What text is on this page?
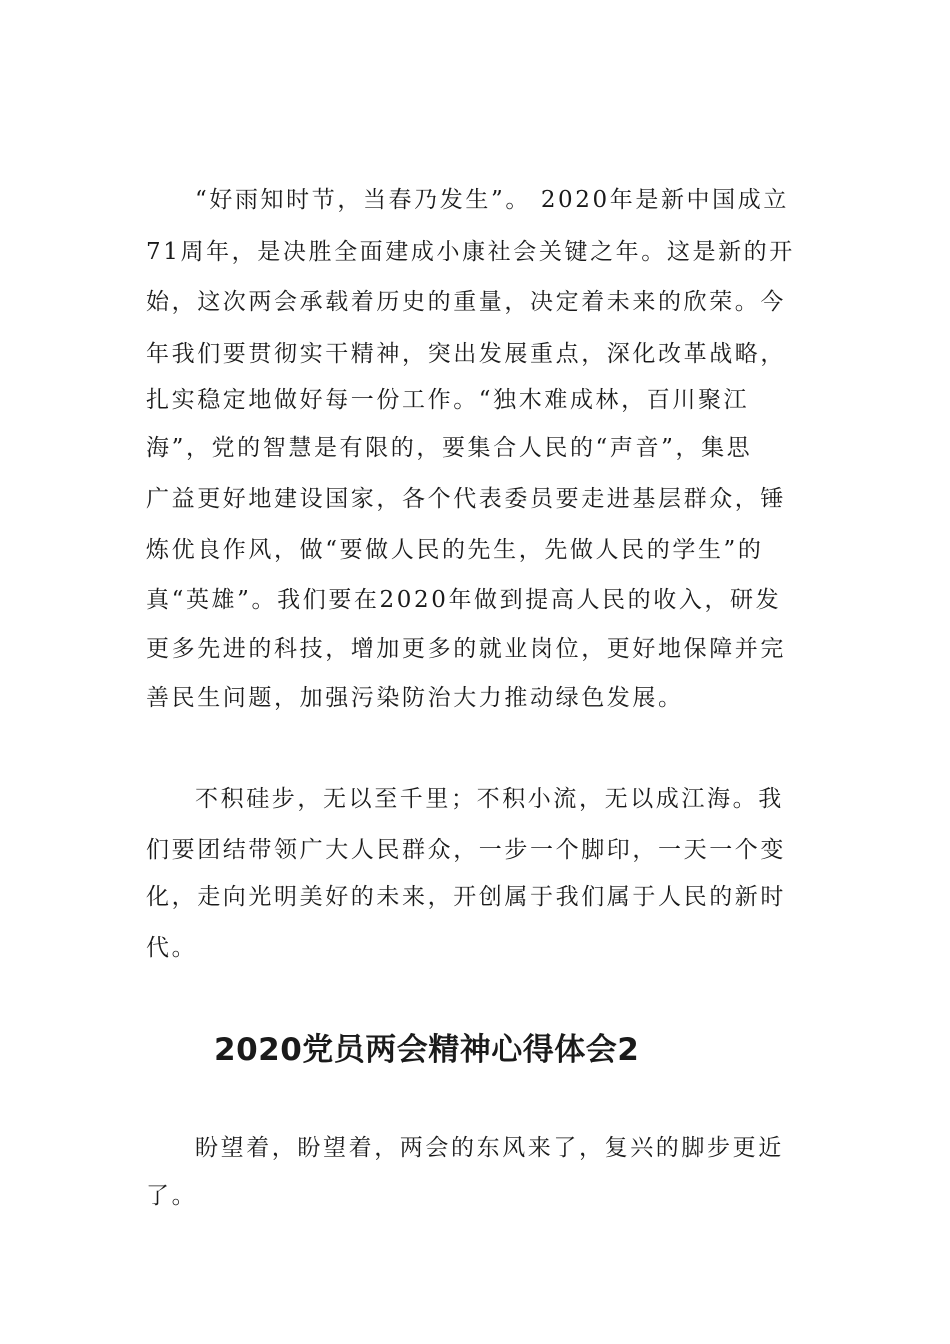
“好雨知时节，当春乃发生”。 2020年是新中国成立
71周年，是决胜全面建成小康社会关键之年。这是新的开
始，这次两会承载着历史的重量，决定着未来的欣荣。今
年我们要贯彻实干精神，突出发展重点，深化改革战略，
扎实稳定地做好每一份工作。“独木难成林，百川聚江
海”，党的智慧是有限的，要集合人民的“声音”，集思
广益更好地建设国家，各个代表委员要走进基层群众，锤
炼优良作风，做“要做人民的先生，先做人民的学生”的
真“英雄”。我们要在2020年做到提高人民的收入，研发
更多先进的科技，增加更多的就业岗位，更好地保障并完
善民生问题，加强污染防治大力推动绿色发展。
不积硅步，无以至千里；不积小流，无以成江海。我
们要团结带领广大人民群众，一步一个脚印，一天一个变
化，走向光明美好的未来，开创属于我们属于人民的新时
代。
2020党员两会精神心得体会2
盼望着，盼望着，两会的东风来了，复兴的脚步更近
了。
